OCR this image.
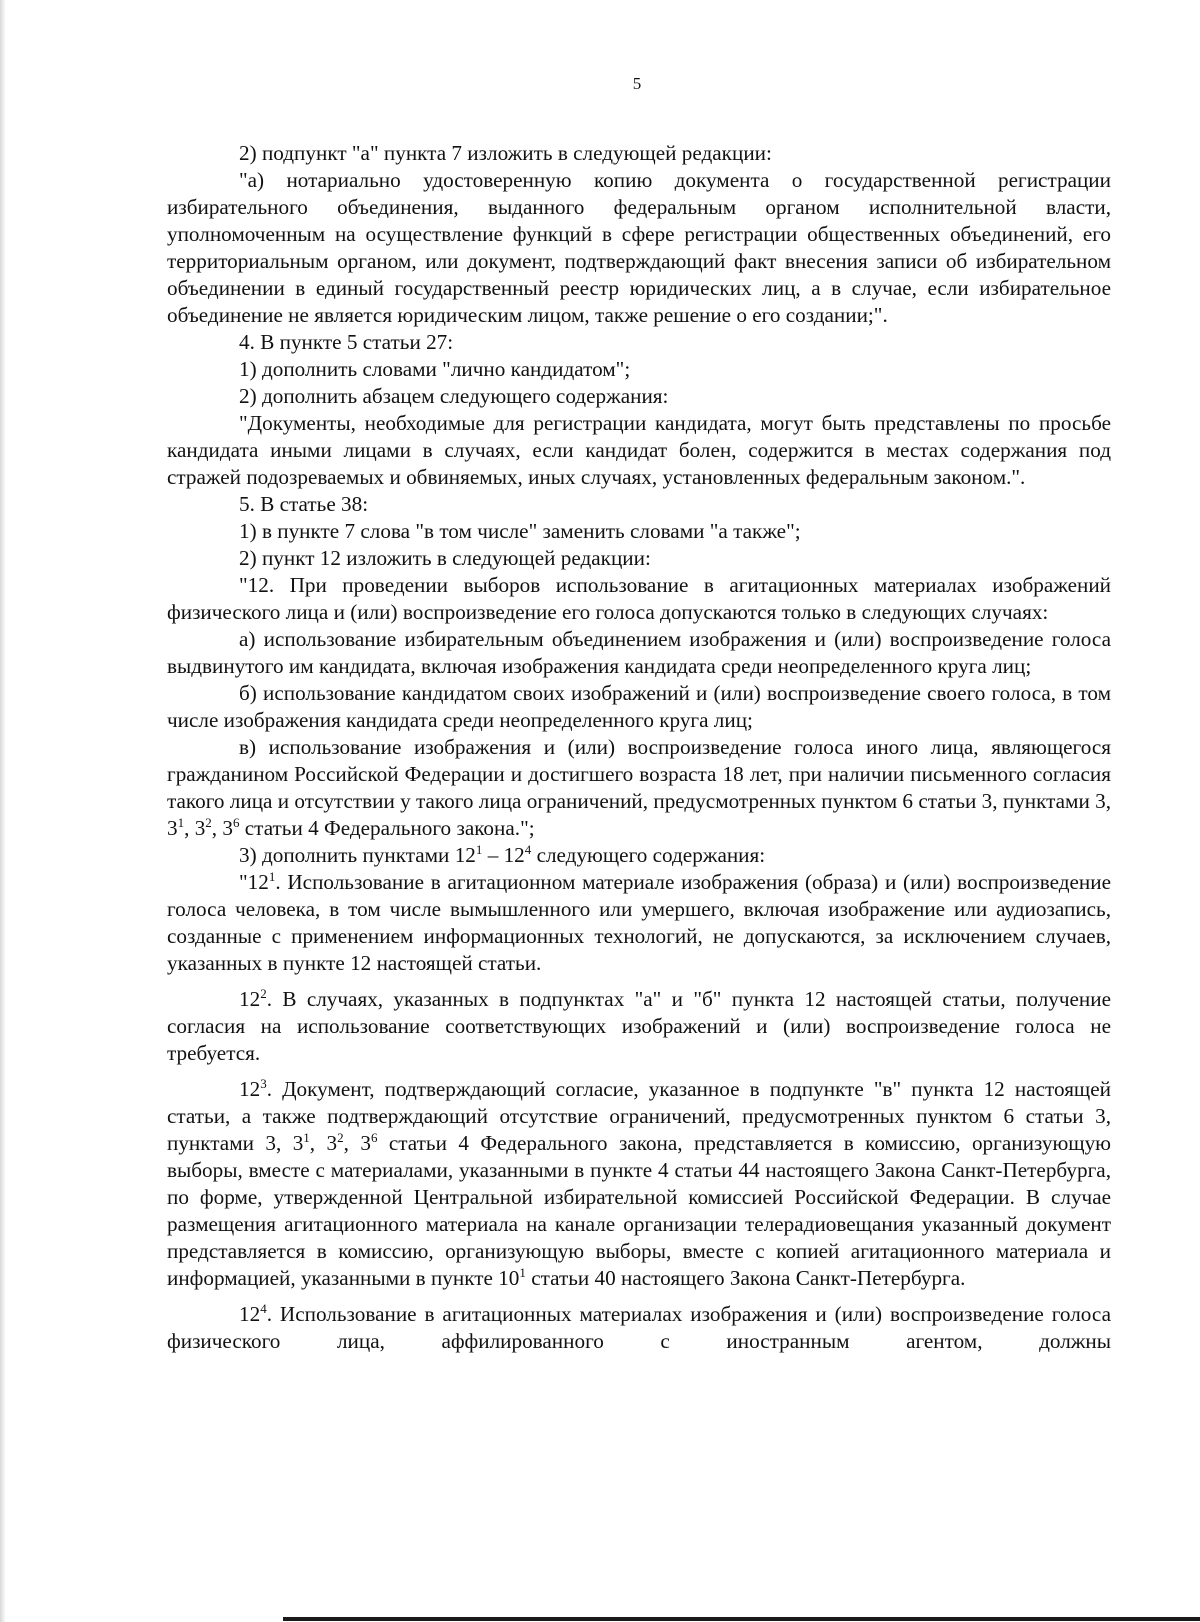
5

2) подпункт "а" пункта 7 изложить в следующей редакции:

"а) нотариально удостоверенную копию документа о государственной регистрации избирательного объединения, выданного федеральным органом исполнительной власти, уполномоченным на осуществление функций в сфере регистрации общественных объединений, его территориальным органом, или документ, подтверждающий факт внесения записи об избирательном объединении в единый государственный реестр юридических лиц, а в случае, если избирательное объединение не является юридическим лицом, также решение о его создании;".

4. В пункте 5 статьи 27:

1) дополнить словами "лично кандидатом";

2) дополнить абзацем следующего содержания:

"Документы, необходимые для регистрации кандидата, могут быть представлены по просьбе кандидата иными лицами в случаях, если кандидат болен, содержится в местах содержания под стражей подозреваемых и обвиняемых, иных случаях, установленных федеральным законом.".

5. В статье 38:

1) в пункте 7 слова "в том числе" заменить словами "а также";

2) пункт 12 изложить в следующей редакции:

"12. При проведении выборов использование в агитационных материалах изображений физического лица и (или) воспроизведение его голоса допускаются только в следующих случаях:

а) использование избирательным объединением изображения и (или) воспроизведение голоса выдвинутого им кандидата, включая изображения кандидата среди неопределенного круга лиц;

б) использование кандидатом своих изображений и (или) воспроизведение своего голоса, в том числе изображения кандидата среди неопределенного круга лиц;

в) использование изображения и (или) воспроизведение голоса иного лица, являющегося гражданином Российской Федерации и достигшего возраста 18 лет, при наличии письменного согласия такого лица и отсутствии у такого лица ограничений, предусмотренных пунктом 6 статьи 3, пунктами 3, $3^1$, $3^2$, $3^6$ статьи 4 Федерального закона.";

3) дополнить пунктами $12^1 - 12^4$ следующего содержания:

"$12^1$. Использование в агитационном материале изображения (образа) и (или) воспроизведение голоса человека, в том числе вымышленного или умершего, включая изображение или аудиозапись, созданные с применением информационных технологий, не допускаются, за исключением случаев, указанных в пункте 12 настоящей статьи.

$12^2$. В случаях, указанных в подпунктах "а" и "б" пункта 12 настоящей статьи, получение согласия на использование соответствующих изображений и (или) воспроизведение голоса не требуется.

$12^3$. Документ, подтверждающий согласие, указанное в подпункте "в" пункта 12 настоящей статьи, а также подтверждающий отсутствие ограничений, предусмотренных пунктом 6 статьи 3, пунктами 3, $3^1$, $3^2$, $3^6$ статьи 4 Федерального закона, представляется в комиссию, организующую выборы, вместе с материалами, указанными в пункте 4 статьи 44 настоящего Закона Санкт-Петербурга, по форме, утвержденной Центральной избирательной комиссией Российской Федерации. В случае размещения агитационного материала на канале организации телерадиовещания указанный документ представляется в комиссию, организующую выборы, вместе с копией агитационного материала и информацией, указанными в пункте $10^1$ статьи 40 настоящего Закона Санкт-Петербурга.

$12^4$. Использование в агитационных материалах изображения и (или) воспроизведение голоса физического лица, аффилированного с иностранным агентом, должны
